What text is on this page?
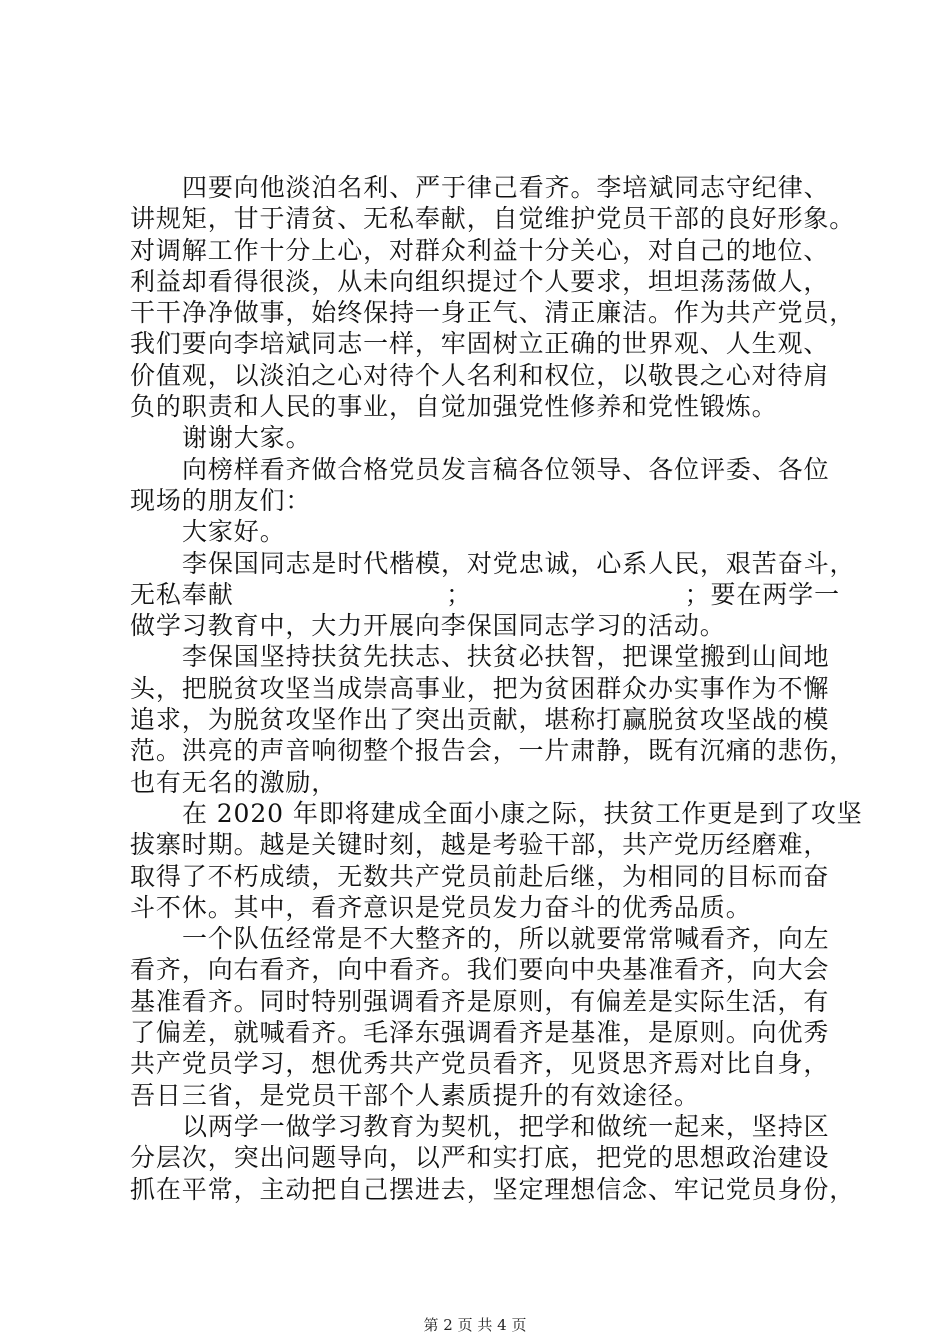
四要向他淡泊名利、严于律己看齐。李培斌同志守纪律、
讲规矩，甘于清贫、无私奉献，自觉维护党员干部的良好形象。
对调解工作十分上心，对群众利益十分关心，对自己的地位、
利益却看得很淡，从未向组织提过个人要求，坦坦荡荡做人，
干干净净做事，始终保持一身正气、清正廉洁。作为共产党员，
我们要向李培斌同志一样，牢固树立正确的世界观、人生观、
价值观，以淡泊之心对待个人名利和权位，以敬畏之心对待肩
负的职责和人民的事业，自觉加强党性修养和党性锻炼。
谢谢大家。
向榜样看齐做合格党员发言稿各位领导、各位评委、各位
现场的朋友们：
大家好。
李保国同志是时代楷模，对党忠诚，心系人民，艰苦奋斗，
无私奉献	；	；要在两学一
做学习教育中，大力开展向李保国同志学习的活动。
李保国坚持扶贫先扶志、扶贫必扶智，把课堂搬到山间地
头，把脱贫攻坚当成崇高事业，把为贫困群众办实事作为不懈
追求，为脱贫攻坚作出了突出贡献，堪称打赢脱贫攻坚战的模
范。洪亮的声音响彻整个报告会，一片肃静，既有沉痛的悲伤，
也有无名的激励，
在 2020 年即将建成全面小康之际，扶贫工作更是到了攻坚
拔寨时期。越是关键时刻，越是考验干部，共产党历经磨难，
取得了不朽成绩，无数共产党员前赴后继，为相同的目标而奋
斗不休。其中，看齐意识是党员发力奋斗的优秀品质。
一个队伍经常是不大整齐的，所以就要常常喊看齐，向左
看齐，向右看齐，向中看齐。我们要向中央基准看齐，向大会
基准看齐。同时特别强调看齐是原则，有偏差是实际生活，有
了偏差，就喊看齐。毛泽东强调看齐是基准，是原则。向优秀
共产党员学习，想优秀共产党员看齐，见贤思齐焉对比自身，
吾日三省，是党员干部个人素质提升的有效途径。
以两学一做学习教育为契机，把学和做统一起来，坚持区
分层次，突出问题导向，以严和实打底，把党的思想政治建设
抓在平常，主动把自己摆进去，坚定理想信念、牢记党员身份，
第 2 页 共 4 页
